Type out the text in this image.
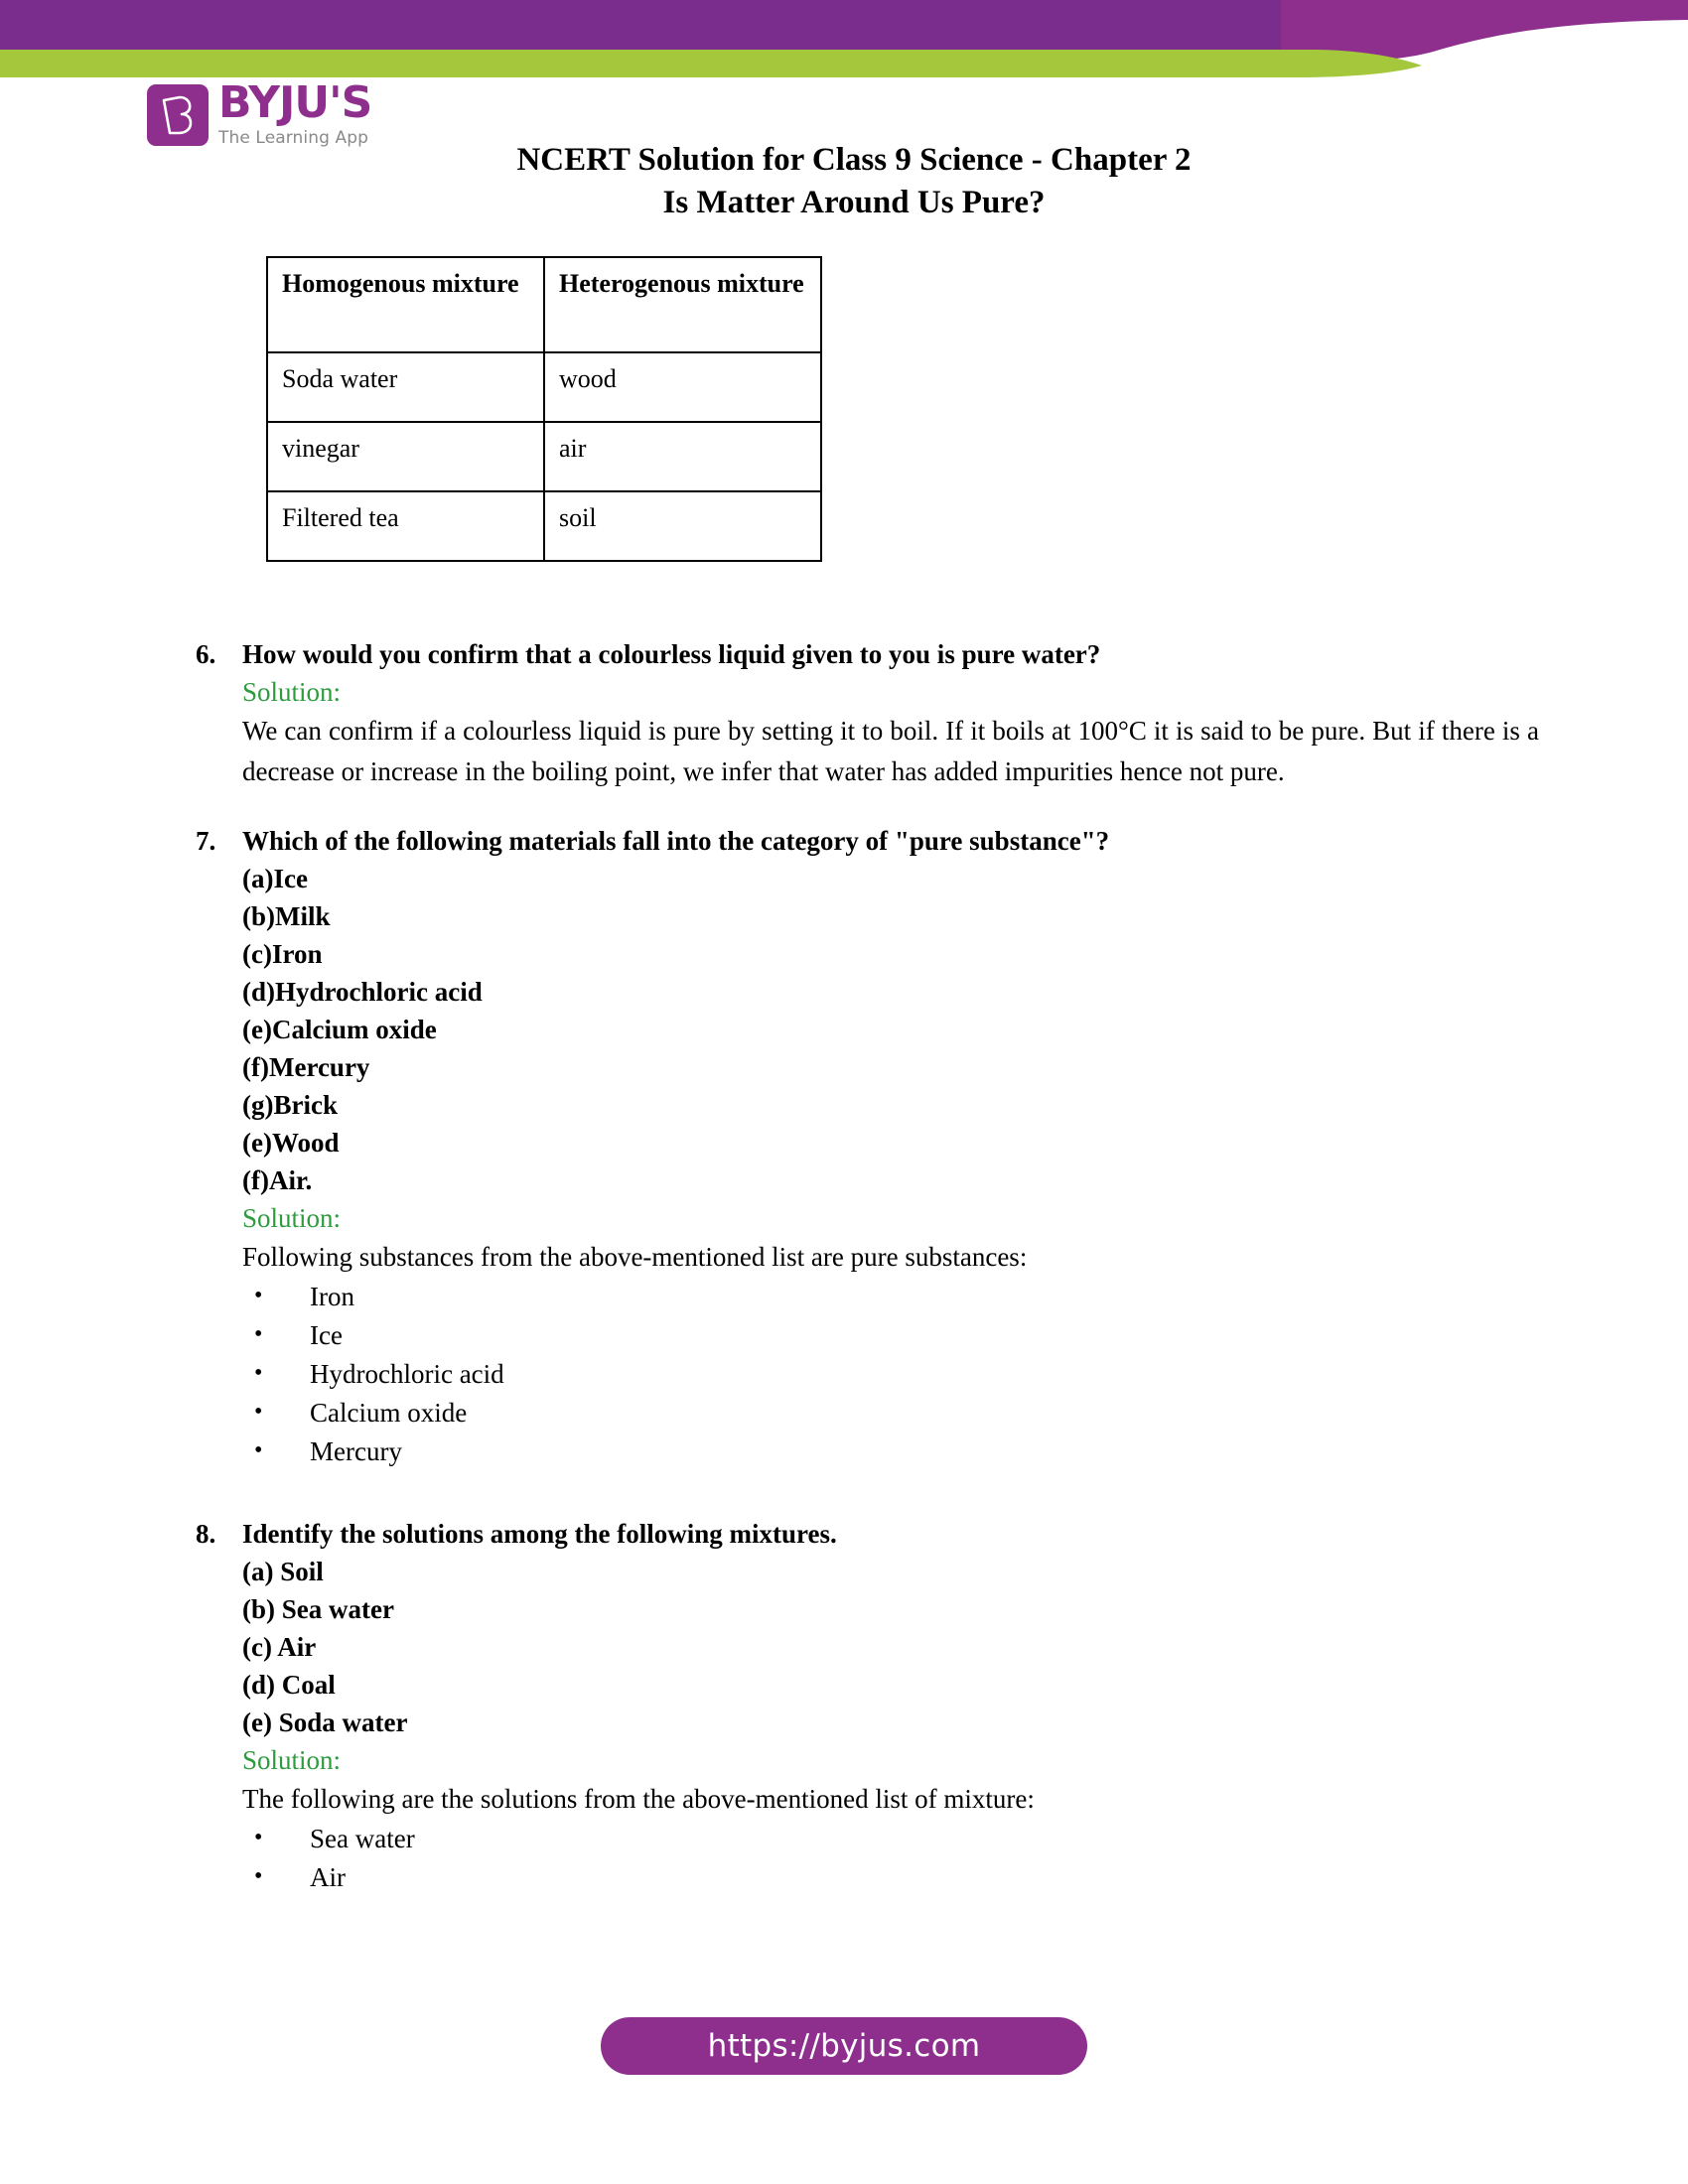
BYJU'S
The Learning App
NCERT Solution for Class 9 Science - Chapter 2
Is Matter Around Us Pure?
Homogenous mixture	Heterogenous mixture
Soda water	wood
vinegar	air
Filtered tea	soil
6. How would you confirm that a colourless liquid given to you is pure water?
Solution:
We can confirm if a colourless liquid is pure by setting it to boil. If it boils at 100°C it is said to be pure. But if there is a decrease or increase in the boiling point, we infer that water has added impurities hence not pure.
7. Which of the following materials fall into the category of "pure substance"?
(a)Ice
(b)Milk
(c)Iron
(d)Hydrochloric acid
(e)Calcium oxide
(f)Mercury
(g)Brick
(e)Wood
(f)Air.
Solution:
Following substances from the above-mentioned list are pure substances:
• Iron
• Ice
• Hydrochloric acid
• Calcium oxide
• Mercury
8. Identify the solutions among the following mixtures.
(a) Soil
(b) Sea water
(c) Air
(d) Coal
(e) Soda water
Solution:
The following are the solutions from the above-mentioned list of mixture:
• Sea water
• Air
https://byjus.com
